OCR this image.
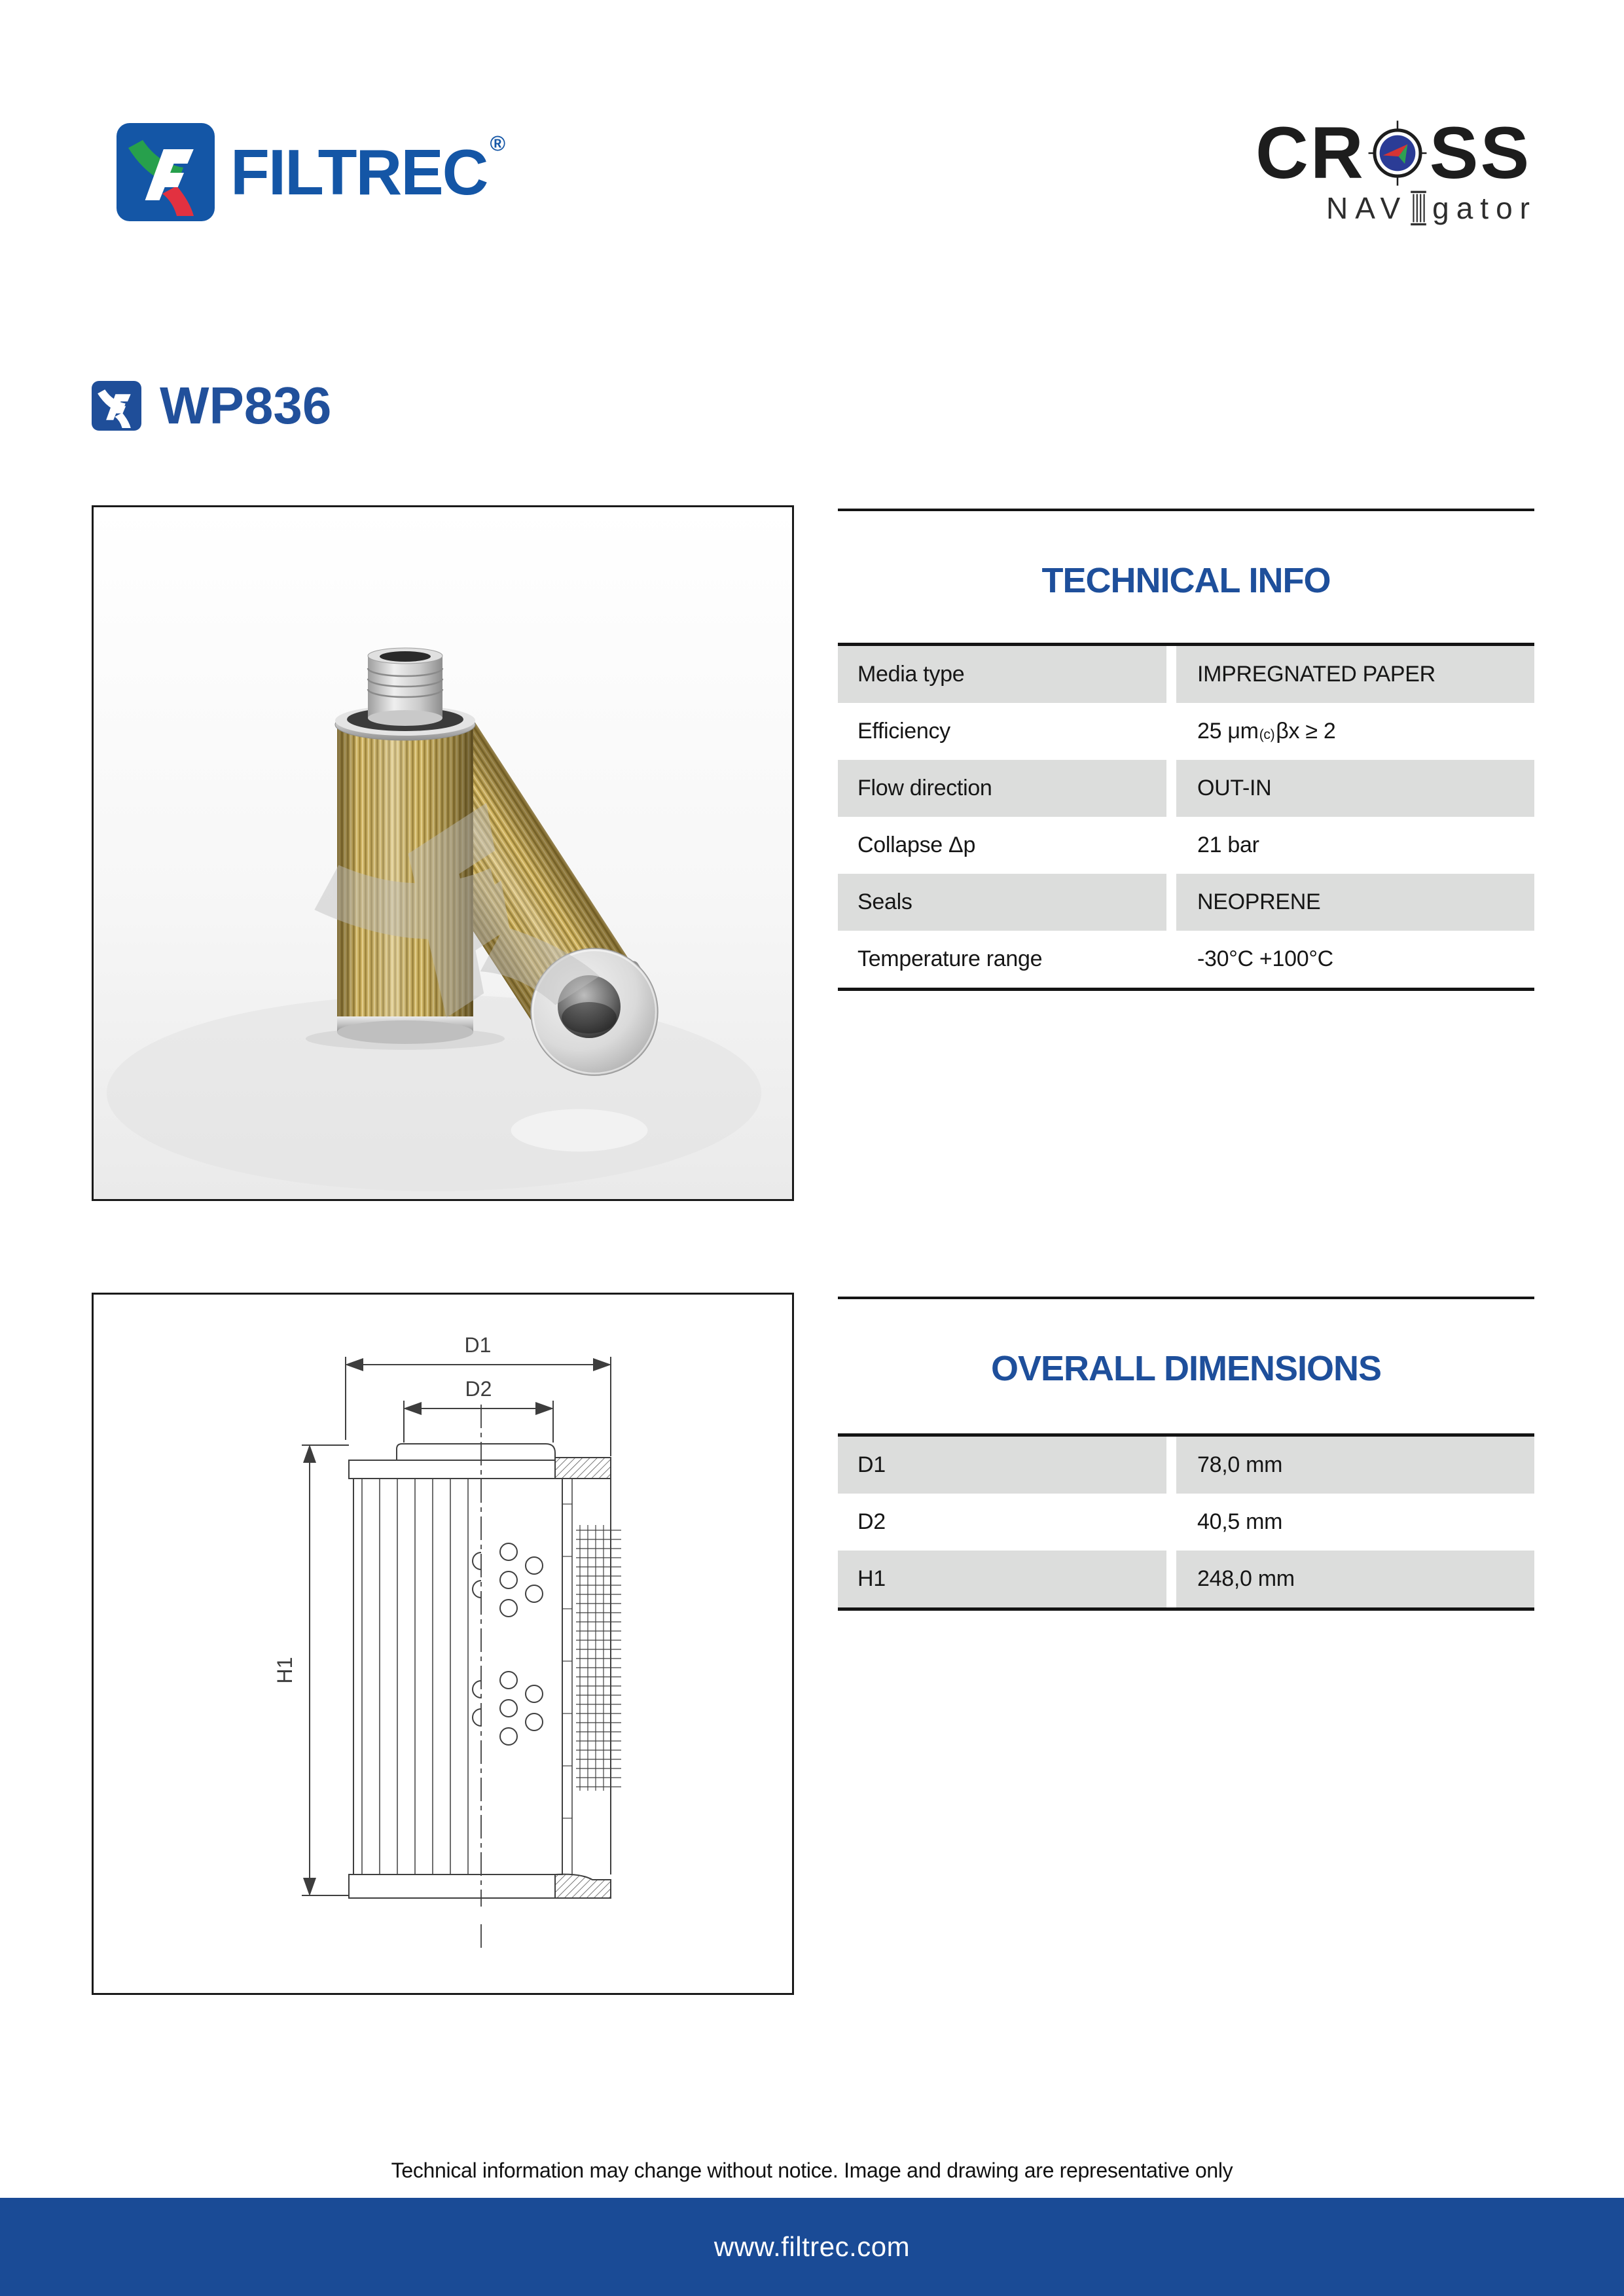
FILTREC ®	CR SS
NAV gator
WP836
TECHNICAL INFO
Media type	IMPREGNATED PAPER
Efficiency	25 $\mu m_{(c)}$ βx ≥ 2
Flow direction	OUT-IN
Collapse Δp	21 bar
Seals	NEOPRENE
Temperature range	-30°C +100°C
D1
D2
H1
OVERALL DIMENSIONS
D1	78,0 mm
D2	40,5 mm
H1	248,0 mm
Technical information may change without notice. Image and drawing are representative only
www.filtrec.com
